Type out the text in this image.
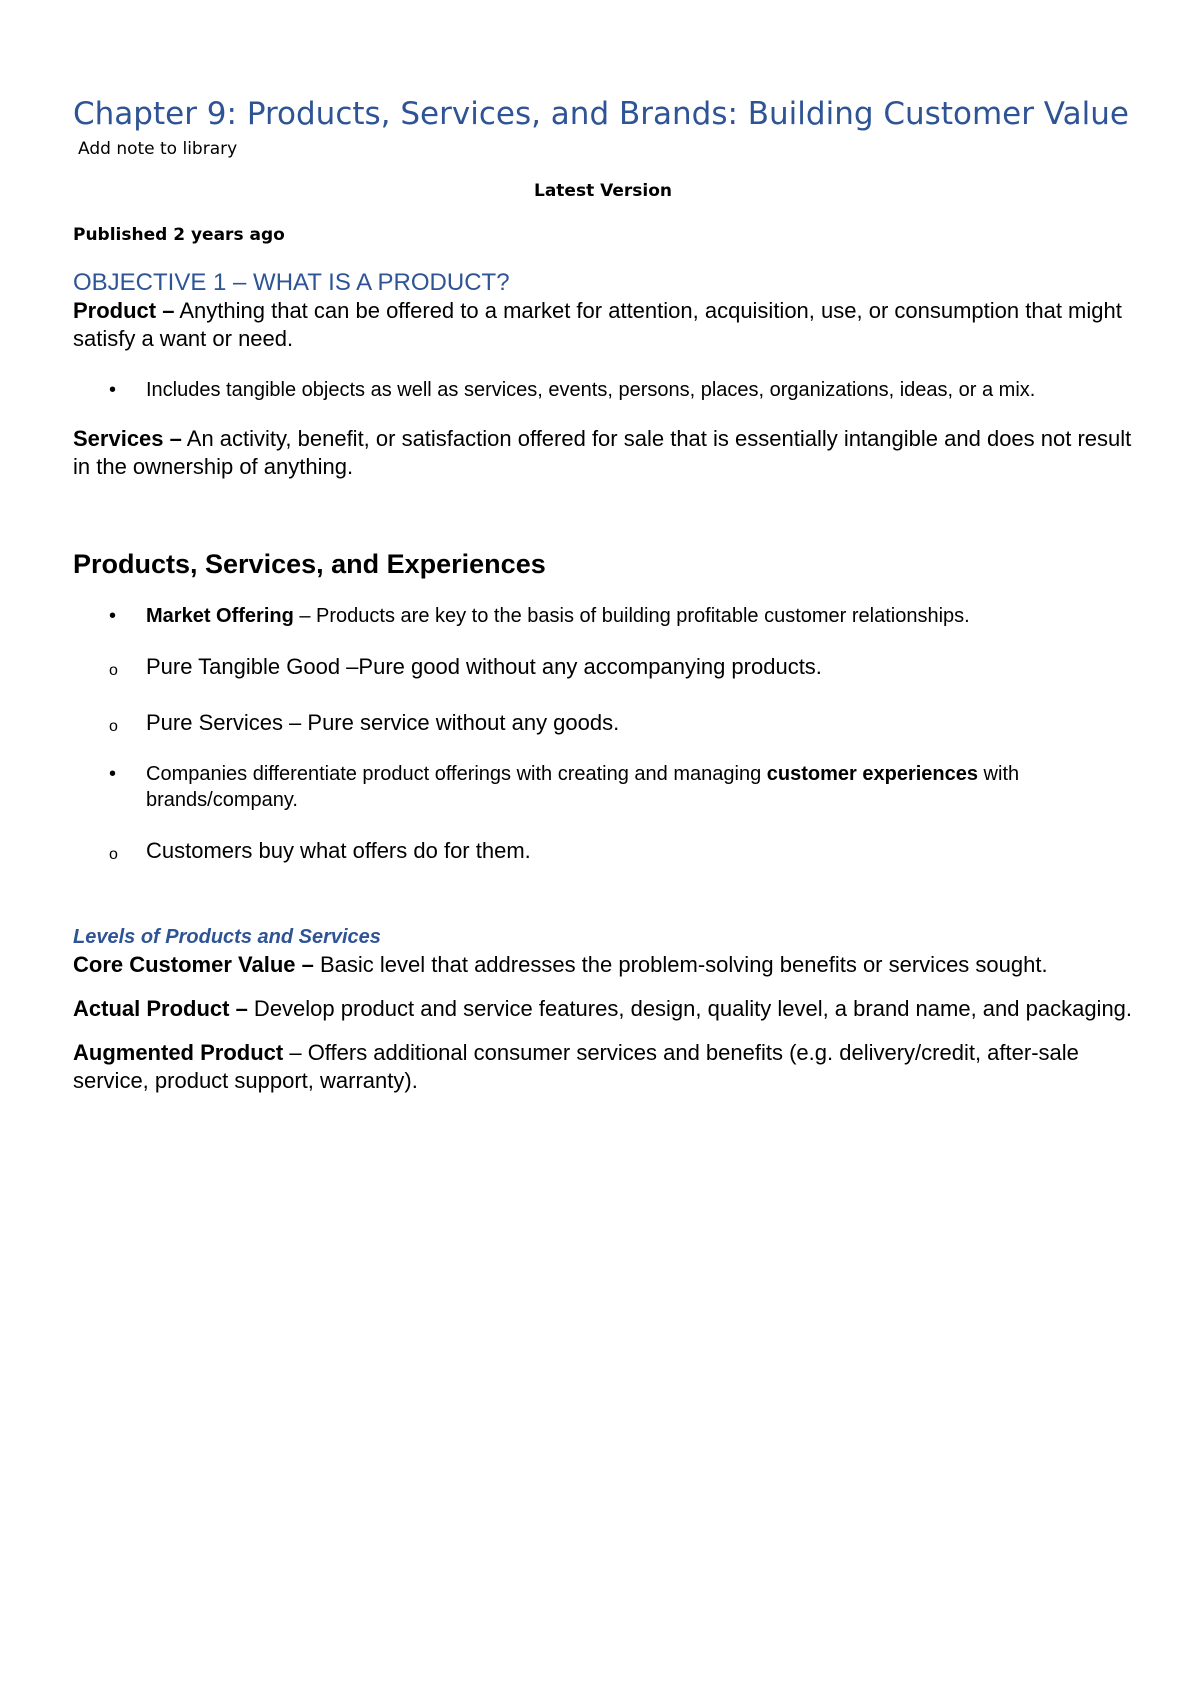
Chapter 9: Products, Services, and Brands: Building Customer Value
Add note to library
Latest Version
Published 2 years ago
OBJECTIVE 1 – WHAT IS A PRODUCT?

Product – Anything that can be offered to a market for attention, acquisition, use, or consumption that might satisfy a want or need.

•	Includes tangible objects as well as services, events, persons, places, organizations, ideas, or a mix.

Services – An activity, benefit, or satisfaction offered for sale that is essentially intangible and does not result in the ownership of anything.

Products, Services, and Experiences
•	Market Offering – Products are key to the basis of building profitable customer relationships.
o	Pure Tangible Good –Pure good without any accompanying products.
o	Pure Services – Pure service without any goods.
•	Companies differentiate product offerings with creating and managing customer experiences with brands/company.
o	Customers buy what offers do for them.
Levels of Products and Services

Core Customer Value – Basic level that addresses the problem-solving benefits or services sought.

Actual Product – Develop product and service features, design, quality level, a brand name, and packaging.

Augmented Product – Offers additional consumer services and benefits (e.g. delivery/credit, after-sale service, product support, warranty).
